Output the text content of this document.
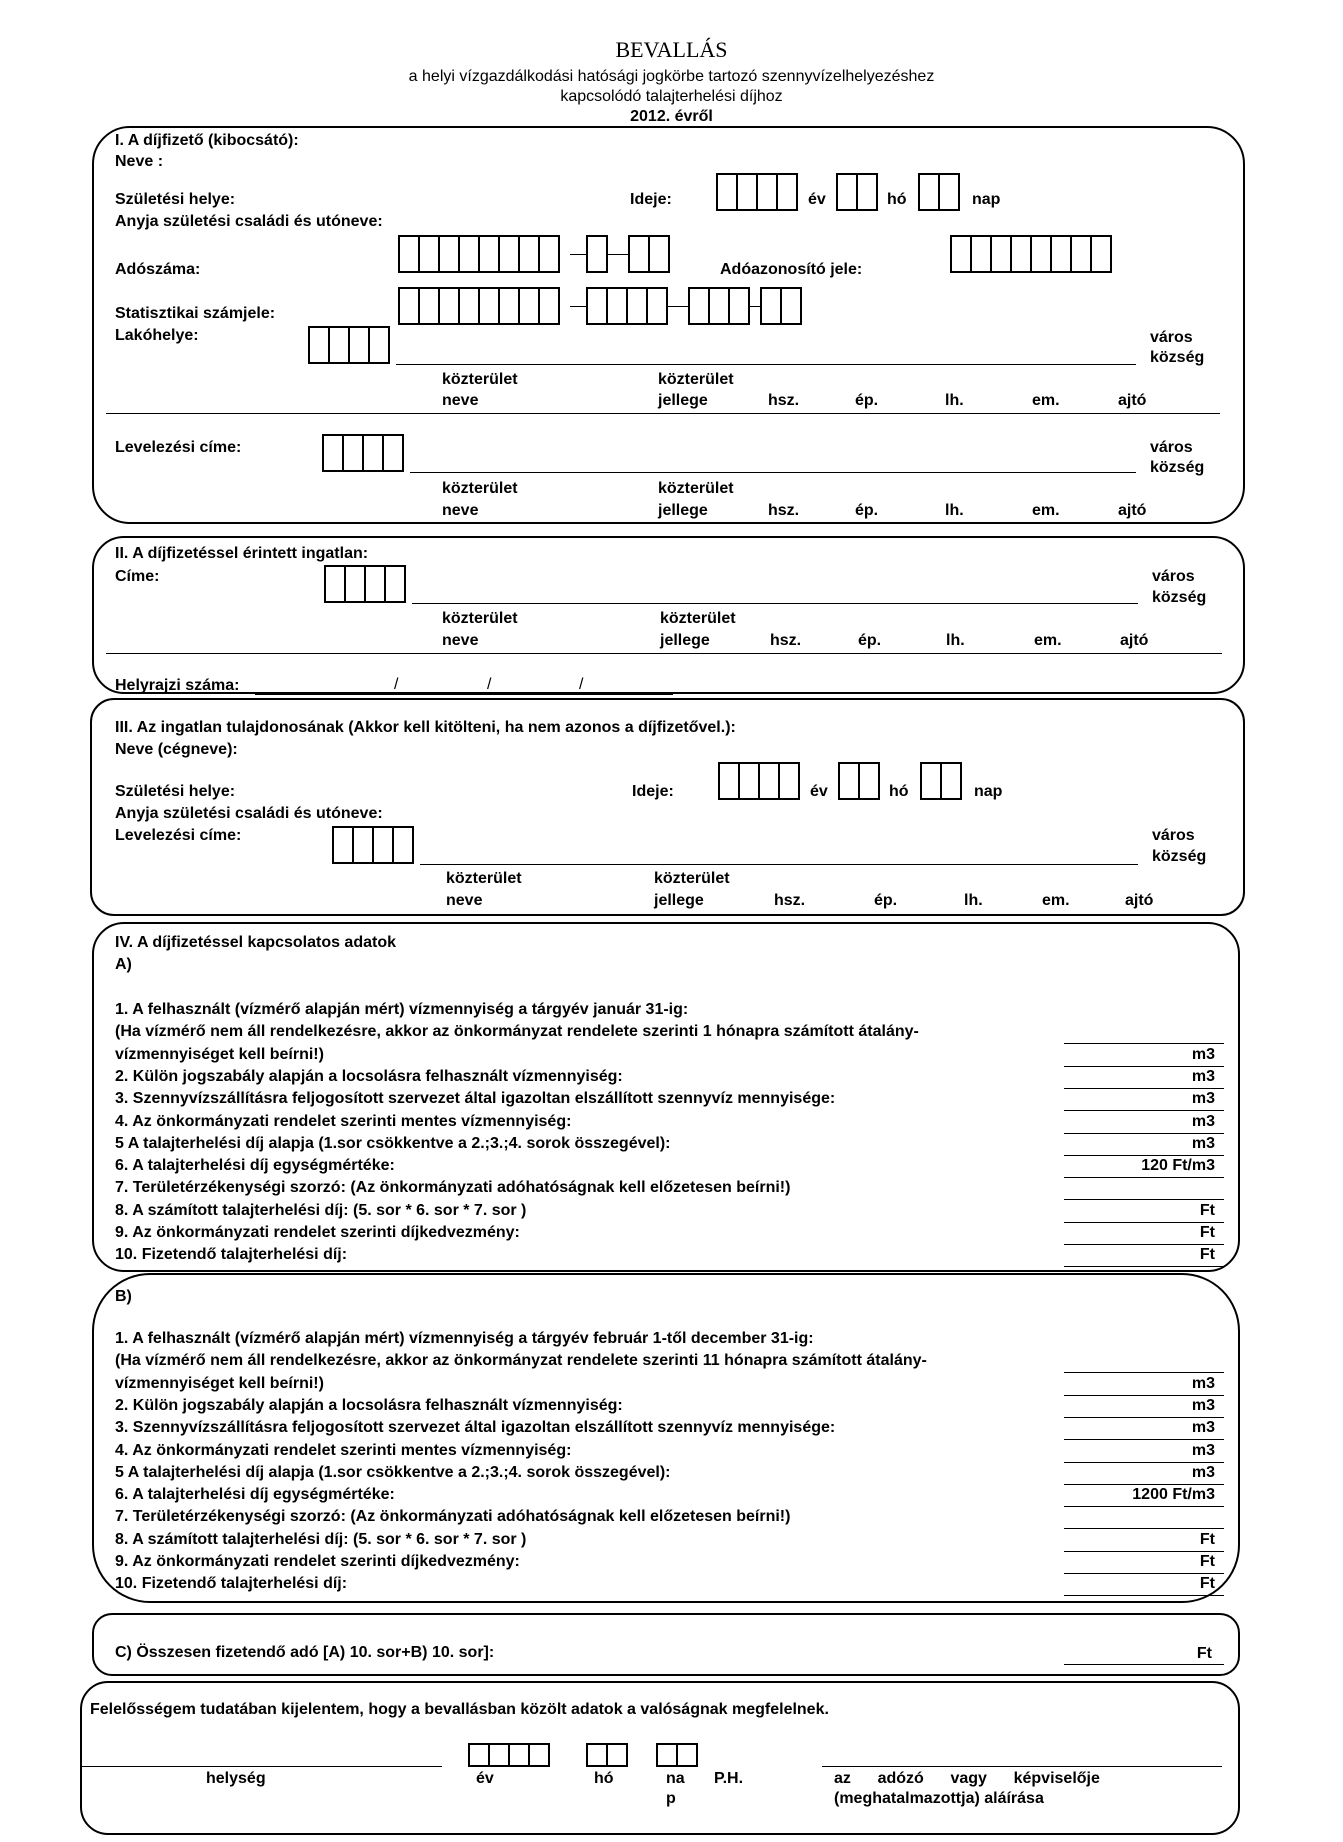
BEVALLÁS
a helyi vízgazdálkodási hatósági jogkörbe tartozó szennyvízelhelyezéshez
kapcsolódó talajterhelési díjhoz
2012. évről
I. A díjfizető (kibocsátó):
Neve :
Születési helye:	Ideje:	év	hó	nap
Anyja születési családi és utóneve:
Adószáma:	Adóazonosító jele:
Statisztikai számjele:
Lakóhelye:	város
község
közterület
neve
közterület
jellege	hsz.	ép.	lh.	em.	ajtó
Levelezési címe:	város
község
közterület
neve
közterület
jellege	hsz.	ép.	lh.	em.	ajtó
II. A díjfizetéssel érintett ingatlan:
Címe:	város
község
közterület
neve
közterület
jellege	hsz.	ép.	lh.	em.	ajtó
Helyrajzi száma:	/	/	/
III. Az ingatlan tulajdonosának (Akkor kell kitölteni, ha nem azonos a díjfizetővel.):
Neve (cégneve):
Születési helye:	Ideje:	év	hó	nap
Anyja születési családi és utóneve:
Levelezési címe:	város
község
közterület
neve
közterület
jellege	hsz.	ép.	lh.	em.	ajtó
IV. A díjfizetéssel kapcsolatos adatok
A)
1. A felhasznált (vízmérő alapján mért) vízmennyiség a tárgyév január 31-ig:
(Ha vízmérő nem áll rendelkezésre, akkor az önkormányzat rendelete szerinti 1 hónapra számított átalány-
vízmennyiséget kell beírni!)	m3
2. Külön jogszabály alapján a locsolásra felhasznált vízmennyiség:	m3
3. Szennyvízszállításra feljogosított szervezet által igazoltan elszállított szennyvíz mennyisége:	m3
4. Az önkormányzati rendelet szerinti mentes vízmennyiség:	m3
5 A talajterhelési díj alapja (1.sor csökkentve a 2.;3.;4. sorok összegével):	m3
6. A talajterhelési díj egységmértéke:	120 Ft/m3
7. Területérzékenységi szorzó: (Az önkormányzati adóhatóságnak kell előzetesen beírni!)
8. A számított talajterhelési díj: (5. sor * 6. sor * 7. sor )	Ft
9. Az önkormányzati rendelet szerinti díjkedvezmény:	Ft
10. Fizetendő talajterhelési díj:	Ft
B)
1. A felhasznált (vízmérő alapján mért) vízmennyiség a tárgyév február 1-től december 31-ig:
(Ha vízmérő nem áll rendelkezésre, akkor az önkormányzat rendelete szerinti 11 hónapra számított átalány-
vízmennyiséget kell beírni!)	m3
2. Külön jogszabály alapján a locsolásra felhasznált vízmennyiség:	m3
3. Szennyvízszállításra feljogosított szervezet által igazoltan elszállított szennyvíz mennyisége:	m3
4. Az önkormányzati rendelet szerinti mentes vízmennyiség:	m3
5 A talajterhelési díj alapja (1.sor csökkentve a 2.;3.;4. sorok összegével):	m3
6. A talajterhelési díj egységmértéke:	1200 Ft/m3
7. Területérzékenységi szorzó: (Az önkormányzati adóhatóságnak kell előzetesen beírni!)
8. A számított talajterhelési díj: (5. sor * 6. sor * 7. sor )	Ft
9. Az önkormányzati rendelet szerinti díjkedvezmény:	Ft
10. Fizetendő talajterhelési díj:	Ft
C) Összesen fizetendő adó [A) 10. sor+B) 10. sor]:	Ft
Felelősségem tudatában kijelentem, hogy a bevallásban közölt adatok a valóságnak megfelelnek.
helység	év	hó	na
p
P.H.	az      adózó      vagy      képviselője
(meghatalmazottja) aláírása
